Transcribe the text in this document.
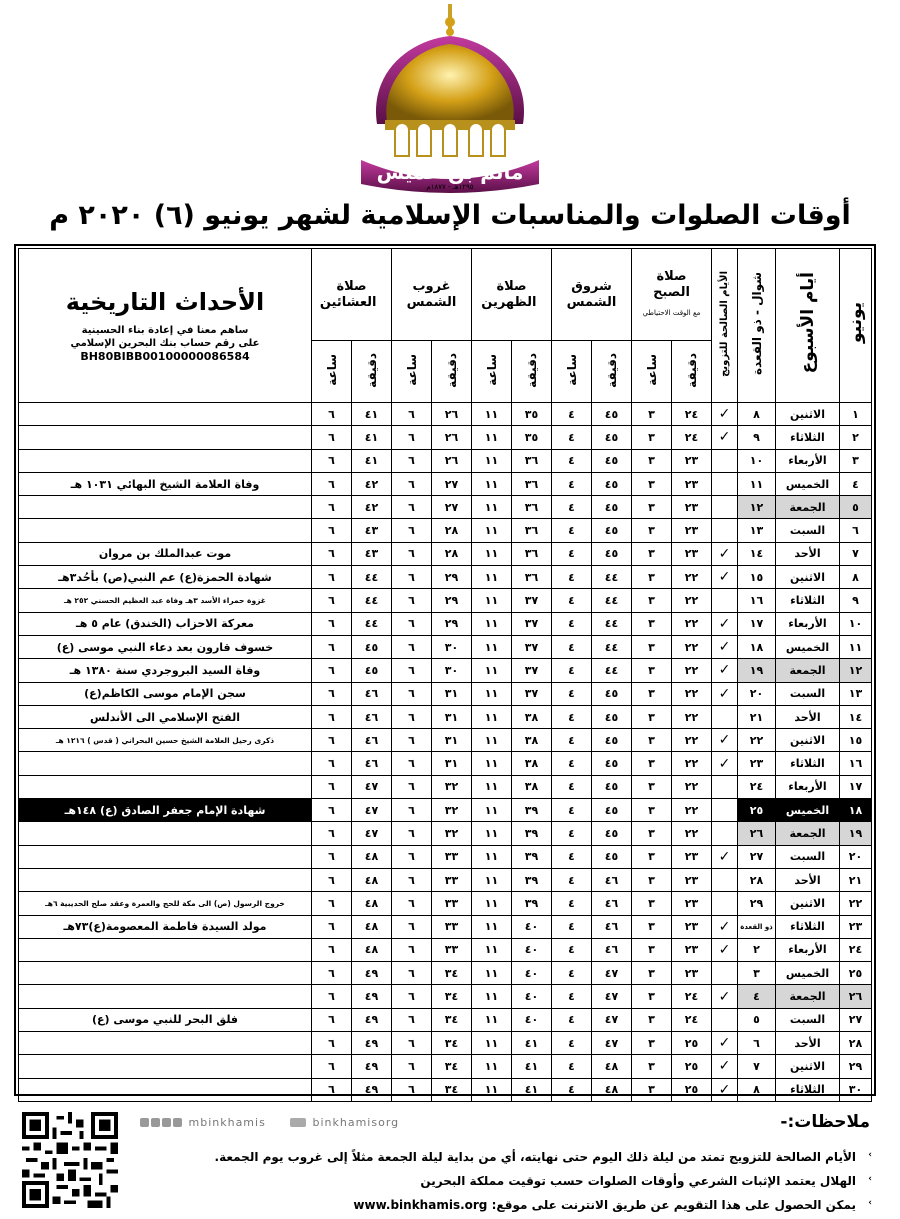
مأتم بن خميس
١٢٩٥هـ - ١٨٧٧م
أوقات الصلوات والمناسبات الإسلامية لشهر يونيو (٦) ٢٠٢٠ م
يونيو	أيام الأسبوع	شوال - ذو القعدة	الأيام الصالحة للتزويج	صلاة الصبح
مع الوقت الاحتياطي		شروق الشمس		صلاة الظهرين		غروب الشمس		صلاة العشائين		الأحداث التاريخية
ساهم معنا في إعادة بناء الحسينية
على رقم حساب بنك البحرين الإسلامي
BH80BIBB00100000086584

				دقيقة	ساعة	دقيقة	ساعة	دقيقة	ساعة	دقيقة	ساعة	دقيقة	ساعة	
١	الاثنين	٨	✓	٢٤	٣	٤٥	٤	٣٥	١١	٢٦	٦	٤١	٦	
٢	الثلاثاء	٩	✓	٢٤	٣	٤٥	٤	٣٥	١١	٢٦	٦	٤١	٦	
٣	الأربعاء	١٠		٢٣	٣	٤٥	٤	٣٦	١١	٢٦	٦	٤١	٦	
٤	الخميس	١١		٢٣	٣	٤٥	٤	٣٦	١١	٢٧	٦	٤٢	٦	وفاة العلامة الشيخ البهائي ١٠٣١ هـ
٥	الجمعة	١٢		٢٣	٣	٤٥	٤	٣٦	١١	٢٧	٦	٤٢	٦	
٦	السبت	١٣		٢٣	٣	٤٥	٤	٣٦	١١	٢٨	٦	٤٣	٦	
٧	الأحد	١٤	✓	٢٣	٣	٤٥	٤	٣٦	١١	٢٨	٦	٤٣	٦	موت عبدالملك بن مروان
٨	الاثنين	١٥	✓	٢٢	٣	٤٤	٤	٣٦	١١	٢٩	٦	٤٤	٦	شهادة الحمزة(ع) عم النبي(ص) بأحُد٣هـ
٩	الثلاثاء	١٦		٢٢	٣	٤٤	٤	٣٧	١١	٢٩	٦	٤٤	٦	غزوة حمراء الأسد ٣هـ وفاة عبد العظيم الحسني ٢٥٢ هـ
١٠	الأربعاء	١٧	✓	٢٢	٣	٤٤	٤	٣٧	١١	٢٩	٦	٤٤	٦	معركة الاحزاب (الخندق) عام ٥ هـ
١١	الخميس	١٨	✓	٢٢	٣	٤٤	٤	٣٧	١١	٣٠	٦	٤٥	٦	خسوف قارون بعد دعاء النبي موسى (ع)
١٢	الجمعة	١٩	✓	٢٢	٣	٤٤	٤	٣٧	١١	٣٠	٦	٤٥	٦	وفاة السيد البروجردي سنة ١٣٨٠ هـ
١٣	السبت	٢٠	✓	٢٢	٣	٤٥	٤	٣٧	١١	٣١	٦	٤٦	٦	سجن الإمام موسى الكاظم(ع)
١٤	الأحد	٢١		٢٢	٣	٤٥	٤	٣٨	١١	٣١	٦	٤٦	٦	الفتح الإسلامي الى الأندلس
١٥	الاثنين	٢٢	✓	٢٢	٣	٤٥	٤	٣٨	١١	٣١	٦	٤٦	٦	ذكرى رحيل العلامة الشيخ حسين البحراني ( قدس ) ١٢١٦ هـ
١٦	الثلاثاء	٢٣	✓	٢٢	٣	٤٥	٤	٣٨	١١	٣١	٦	٤٦	٦	
١٧	الأربعاء	٢٤		٢٢	٣	٤٥	٤	٣٨	١١	٣٢	٦	٤٧	٦	
١٨	الخميس	٢٥		٢٢	٣	٤٥	٤	٣٩	١١	٣٢	٦	٤٧	٦	شهادة الإمام جعفر الصادق (ع) ١٤٨هـ
١٩	الجمعة	٢٦		٢٢	٣	٤٥	٤	٣٩	١١	٣٢	٦	٤٧	٦	
٢٠	السبت	٢٧	✓	٢٣	٣	٤٥	٤	٣٩	١١	٣٣	٦	٤٨	٦	
٢١	الأحد	٢٨		٢٣	٣	٤٦	٤	٣٩	١١	٣٣	٦	٤٨	٦	
٢٢	الاثنين	٢٩		٢٣	٣	٤٦	٤	٣٩	١١	٣٣	٦	٤٨	٦	خروج الرسول (ص) الى مكة للحج والعمرة وعقد صلح الحديبية ٦هـ
٢٣	الثلاثاء	ذو القعدة	✓	٢٣	٣	٤٦	٤	٤٠	١١	٣٣	٦	٤٨	٦	مولد السيدة فاطمة المعصومة(ع)٧٣هـ
٢٤	الأربعاء	٢	✓	٢٣	٣	٤٦	٤	٤٠	١١	٣٣	٦	٤٨	٦	
٢٥	الخميس	٣		٢٣	٣	٤٧	٤	٤٠	١١	٣٤	٦	٤٩	٦	
٢٦	الجمعة	٤	✓	٢٤	٣	٤٧	٤	٤٠	١١	٣٤	٦	٤٩	٦	
٢٧	السبت	٥		٢٤	٣	٤٧	٤	٤٠	١١	٣٤	٦	٤٩	٦	فلق البحر للنبي موسى (ع)
٢٨	الأحد	٦	✓	٢٥	٣	٤٧	٤	٤١	١١	٣٤	٦	٤٩	٦	
٢٩	الاثنين	٧	✓	٢٥	٣	٤٨	٤	٤١	١١	٣٤	٦	٤٩	٦	
٣٠	الثلاثاء	٨	✓	٢٥	٣	٤٨	٤	٤١	١١	٣٤	٦	٤٩	٦	
mbinkhamis	binkhamisorg	ملاحظات:-
›
الأيام الصالحة للتزويج تمتد من ليلة ذلك اليوم حتى نهايته، أي من بداية ليلة الجمعة مثلاً إلى غروب يوم الجمعة.
›
الهلال يعتمد الإثبات الشرعي وأوقات الصلوات حسب توقيت مملكة البحرين
›
يمكن الحصول على هذا التقويم عن طريق الانترنت على موقع: www.binkhamis.org
